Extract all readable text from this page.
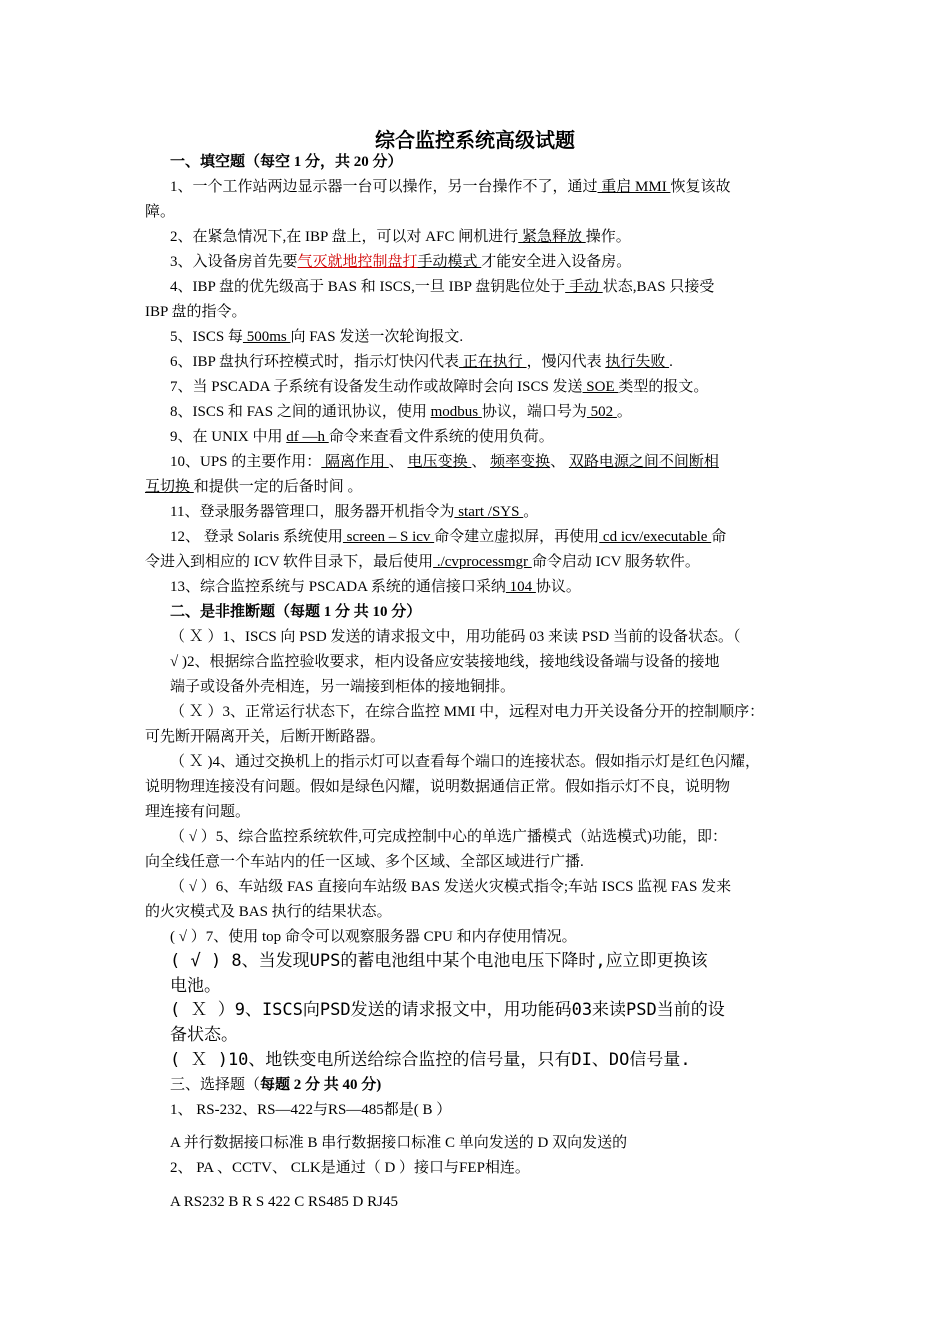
综合监控系统高级试题
一、填空题（每空 1 分，共 20 分）
1、一个工作站两边显示器一台可以操作，另一台操作不了，通过 重启 MMI 恢复该故
障。
2、在紧急情况下,在 IBP 盘上，可以对 AFC 闸机进行 紧急释放 操作。
3、入设备房首先要气灭就地控制盘打手动模式 才能安全进入设备房。
4、IBP 盘的优先级高于 BAS 和 ISCS,一旦 IBP 盘钥匙位处于 手动 状态,BAS 只接受
IBP 盘的指令。
5、ISCS 每 500ms 向 FAS 发送一次轮询报文.
6、IBP 盘执行环控模式时，指示灯快闪代表 正在执行 ，慢闪代表 执行失败 .
7、当 PSCADA 子系统有设备发生动作或故障时会向 ISCS 发送 SOE 类型的报文。
8、ISCS 和 FAS 之间的通讯协议，使用 modbus 协议，端口号为 502 。
9、在 UNIX 中用 df —h 命令来查看文件系统的使用负荷。
10、UPS 的主要作用： 隔离作用 、 电压变换 、 频率变换、 双路电源之间不间断相
互切换 和提供一定的后备时间 。
11、登录服务器管理口，服务器开机指令为 start /SYS 。
12、 登录 Solaris 系统使用 screen – S icv 命令建立虚拟屏，再使用 cd icv/executable 命
令进入到相应的 ICV 软件目录下，最后使用 ./cvprocessmgr 命令启动 ICV 服务软件。
13、综合监控系统与 PSCADA 系统的通信接口采纳 104 协议。
二、是非推断题（每题 1 分 共 10 分）
（ Ｘ ）1、ISCS 向 PSD 发送的请求报文中，用功能码 03 来读 PSD 当前的设备状态。（
√ )2、根据综合监控验收要求，柜内设备应安装接地线，接地线设备端与设备的接地
端子或设备外壳相连，另一端接到柜体的接地铜排。
（ Ｘ ）3、正常运行状态下，在综合监控 MMI 中，远程对电力开关设备分开的控制顺序：
可先断开隔离开关，后断开断路器。
（ Ｘ )4、通过交换机上的指示灯可以查看每个端口的连接状态。假如指示灯是红色闪耀，
说明物理连接没有问题。假如是绿色闪耀，说明数据通信正常。假如指示灯不良，说明物
理连接有问题。
（ √ ）5、综合监控系统软件,可完成控制中心的单选广播模式（站选模式)功能，即：
向全线任意一个车站内的任一区域、多个区域、全部区域进行广播.
（ √ ）6、车站级 FAS 直接向车站级 BAS 发送火灾模式指令;车站 ISCS 监视 FAS 发来
的火灾模式及 BAS 执行的结果状态。
( √ ）7、使用 top 命令可以观察服务器 CPU 和内存使用情况。
( √ ) 8、当发现UPS的蓄电池组中某个电池电压下降时,应立即更换该
电池。
( Ｘ ）9、ISCS向PSD发送的请求报文中，用功能码03来读PSD当前的设
备状态。
( Ｘ )10、地铁变电所送给综合监控的信号量，只有DI、DO信号量.
三、选择题（每题 2 分 共 40 分)
1、 RS-232、RS—422与RS—485都是( B ）
A 并行数据接口标准 B 串行数据接口标准 C 单向发送的 D 双向发送的
2、 PA 、CCTV、 CLK是通过（ D ）接口与FEP相连。
A RS232 B R S 422 C RS485 D RJ45
